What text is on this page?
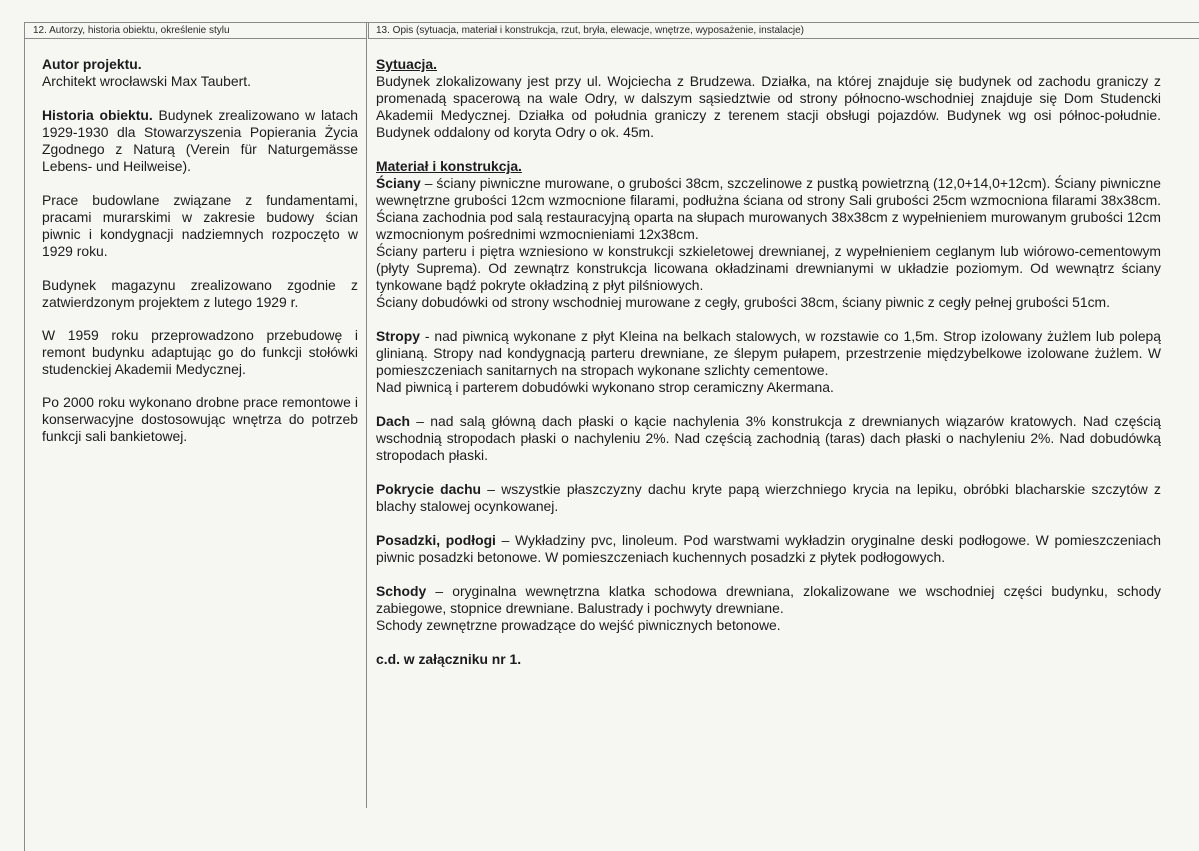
12. Autorzy, historia obiektu, określenie stylu	13. Opis (sytuacja, materiał i konstrukcja, rzut, bryła, elewacje, wnętrze, wyposażenie, instalacje)

Autor projektu.

Architekt wrocławski Max Taubert.

Historia obiektu. Budynek zrealizowano w latach 1929-1930 dla Stowarzyszenia Popierania Życia Zgodnego z Naturą (Verein für Naturgemässe Lebens- und Heilweise).

Prace budowlane związane z fundamentami, pracami murarskimi w zakresie budowy ścian piwnic i kondygnacji nadziemnych rozpoczęto w 1929 roku.

Budynek magazynu zrealizowano zgodnie z zatwierdzonym projektem z lutego 1929 r.

W 1959 roku przeprowadzono przebudowę i remont budynku adaptując go do funkcji stołówki studenckiej Akademii Medycznej.

Po 2000 roku wykonano drobne prace remontowe i konserwacyjne dostosowując wnętrza do potrzeb funkcji sali bankietowej.

Sytuacja.

Budynek zlokalizowany jest przy ul. Wojciecha z Brudzewa. Działka, na której znajduje się budynek od zachodu graniczy z promenadą spacerową na wale Odry, w dalszym sąsiedztwie od strony północno-wschodniej znajduje się Dom Studencki Akademii Medycznej. Działka od południa graniczy z terenem stacji obsługi pojazdów. Budynek wg osi północ-południe. Budynek oddalony od koryta Odry o ok. 45m.

Materiał i konstrukcja.

Ściany – ściany piwniczne murowane, o grubości 38cm, szczelinowe z pustką powietrzną (12,0+14,0+12cm). Ściany piwniczne wewnętrzne grubości 12cm wzmocnione filarami, podłużna ściana od strony Sali grubości 25cm wzmocniona filarami 38x38cm. Ściana zachodnia pod salą restauracyjną oparta na słupach murowanych 38x38cm z wypełnieniem murowanym grubości 12cm wzmocnionym pośrednimi wzmocnieniami 12x38cm.

Ściany parteru i piętra wzniesiono w konstrukcji szkieletowej drewnianej, z wypełnieniem ceglanym lub wiórowo-cementowym (płyty Suprema). Od zewnątrz konstrukcja licowana okładzinami drewnianymi w układzie poziomym. Od wewnątrz ściany tynkowane bądź pokryte okładziną z płyt pilśniowych.

Ściany dobudówki od strony wschodniej murowane z cegły, grubości 38cm, ściany piwnic z cegły pełnej grubości 51cm.

Stropy - nad piwnicą wykonane z płyt Kleina na belkach stalowych, w rozstawie co 1,5m. Strop izolowany żużlem lub polepą glinianą. Stropy nad kondygnacją parteru drewniane, ze ślepym pułapem, przestrzenie międzybelkowe izolowane żużlem. W pomieszczeniach sanitarnych na stropach wykonane szlichty cementowe.

Nad piwnicą i parterem dobudówki wykonano strop ceramiczny Akermana.

Dach – nad salą główną dach płaski o kącie nachylenia 3% konstrukcja z drewnianych wiązarów kratowych. Nad częścią wschodnią stropodach płaski o nachyleniu 2%. Nad częścią zachodnią (taras) dach płaski o nachyleniu 2%. Nad dobudówką stropodach płaski.

Pokrycie dachu – wszystkie płaszczyzny dachu kryte papą wierzchniego krycia na lepiku, obróbki blacharskie szczytów z blachy stalowej ocynkowanej.

Posadzki, podłogi – Wykładziny pvc, linoleum. Pod warstwami wykładzin oryginalne deski podłogowe. W pomieszczeniach piwnic posadzki betonowe. W pomieszczeniach kuchennych posadzki z płytek podłogowych.

Schody – oryginalna wewnętrzna klatka schodowa drewniana, zlokalizowane we wschodniej części budynku, schody zabiegowe, stopnice drewniane. Balustrady i pochwyty drewniane.

Schody zewnętrzne prowadzące do wejść piwnicznych betonowe.

c.d. w załączniku nr 1.
